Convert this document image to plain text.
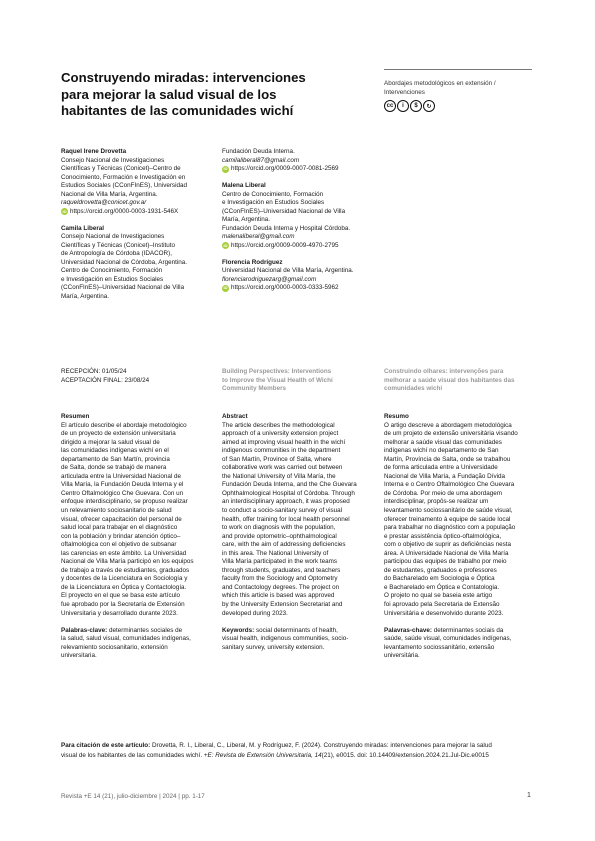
Construyendo miradas: intervenciones
para mejorar la salud visual de los
habitantes de las comunidades wichí
Abordajes metodológicos en extensión /
Intervenciones
cc	i	$	↻
Raquel Irene Drovetta
Consejo Nacional de Investigaciones
Científicas y Técnicas (Conicet)–Centro de
Conocimiento, Formación e Investigación en
Estudios Sociales (CConFInES), Universidad
Nacional de Villa María, Argentina.
raqueldrovetta@conicet.gov.ar
iD https://orcid.org/0000-0003-1931-546X
Camila Liberal
Consejo Nacional de Investigaciones
Científicas y Técnicas (Conicet)–Instituto
de Antropología de Córdoba (IDACOR),
Universidad Nacional de Córdoba, Argentina.
Centro de Conocimiento, Formación
e Investigación en Estudios Sociales
(CConFInES)–Universidad Nacional de Villa
María, Argentina.
Fundación Deuda Interna.
camilaliberal87@gmail.com
iD https://orcid.org/0009-0007-0081-2569
Malena Liberal
Centro de Conocimiento, Formación
e Investigación en Estudios Sociales
(CConFInES)–Universidad Nacional de Villa
María, Argentina.
Fundación Deuda Interna y Hospital Córdoba.
malenaliberal@gmail.com
iD https://orcid.org/0009-0009-4970-2795
Florencia Rodríguez
Universidad Nacional de Villa María, Argentina.
florenciarodriguezarg@gmail.com
iD https://orcid.org/0000-0003-0333-5962
RECEPCIÓN: 01/05/24
ACEPTACIÓN FINAL: 23/08/24
Building Perspectives: Interventions
to Improve the Visual Health of Wichí
Community Members
Construindo olhares: intervenções para
melhorar a saúde visual dos habitantes das
comunidades wichí
Resumen
El artículo describe el abordaje metodológico
de un proyecto de extensión universitaria
dirigido a mejorar la salud visual de
las comunidades indígenas wichí en el
departamento de San Martín, provincia
de Salta, donde se trabajó de manera
articulada entre la Universidad Nacional de
Villa María, la Fundación Deuda Interna y el
Centro Oftalmológico Che Guevara. Con un
enfoque interdisciplinario, se propuso realizar
un relevamiento sociosanitario de salud
visual, ofrecer capacitación del personal de
salud local para trabajar en el diagnóstico
con la población y brindar atención óptico–
oftalmológica con el objetivo de subsanar
las carencias en este ámbito. La Universidad
Nacional de Villa María participó en los equipos
de trabajo a través de estudiantes, graduados
y docentes de la Licenciatura en Sociología y
de la Licenciatura en Óptica y Contactología.
El proyecto en el que se basa este artículo
fue aprobado por la Secretaría de Extensión
Universitaria y desarrollado durante 2023.
Palabras-clave: determinantes sociales de
la salud, salud visual, comunidades indígenas,
relevamiento sociosanitario, extensión
universitaria.
Abstract
The article describes the methodological
approach of a university extension project
aimed at improving visual health in the wichí
indigenous communities in the department
of San Martín, Province of Salta, where
collaborative work was carried out between
the National University of Villa María, the
Fundación Deuda Interna, and the Che Guevara
Ophthalmological Hospital of Córdoba. Through
an interdisciplinary approach, it was proposed
to conduct a socio-sanitary survey of visual
health, offer training for local health personnel
to work on diagnosis with the population,
and provide optometric–ophthalmological
care, with the aim of addressing deficiencies
in this area. The National University of
Villa María participated in the work teams
through students, graduates, and teachers
faculty from the Sociology and Optometry
and Contactology degrees. The project on
which this article is based was approved
by the University Extension Secretariat and
developed during 2023.
Keywords: social determinants of health,
visual health, indigenous communities, socio-
sanitary survey, university extension.
Resumo
O artigo descreve a abordagem metodológica
de um projeto de extensão universitária visando
melhorar a saúde visual das comunidades
indígenas wichí no departamento de San
Martín, Província de Salta, onde se trabalhou
de forma articulada entre a Universidade
Nacional de Villa María, a Fundação Dívida
Interna e o Centro Oftalmológico Che Guevara
de Córdoba. Por meio de uma abordagem
interdisciplinar, propôs-se realizar um
levantamento sociossanitário de saúde visual,
oferecer treinamento à equipe de saúde local
para trabalhar no diagnóstico com a população
e prestar assistência óptico-oftalmológica,
com o objetivo de suprir as deficiências nesta
área. A Universidade Nacional de Villa María
participou das equipes de trabalho por meio
de estudantes, graduados e professores
do Bacharelado em Sociologia e Óptica
e Bacharelado em Óptica e Contatologia.
O projeto no qual se baseia este artigo
foi aprovado pela Secretaria de Extensão
Universitária e desenvolvido durante 2023.
Palavras-chave: determinantes sociais da
saúde, saúde visual, comunidades indígenas,
levantamento sociossanitário, extensão
universitária.
Para citación de este artículo: Drovetta, R. I., Liberal, C., Liberal, M. y Rodríguez, F. (2024). Construyendo miradas: intervenciones para mejorar la salud
visual de los habitantes de las comunidades wichí. +E: Revista de Extensión Universitaria, 14(21), e0015. doi: 10.14409/extension.2024.21.Jul-Dic.e0015
Revista +E 14 (21), julio-diciembre | 2024 | pp. 1-17	1
